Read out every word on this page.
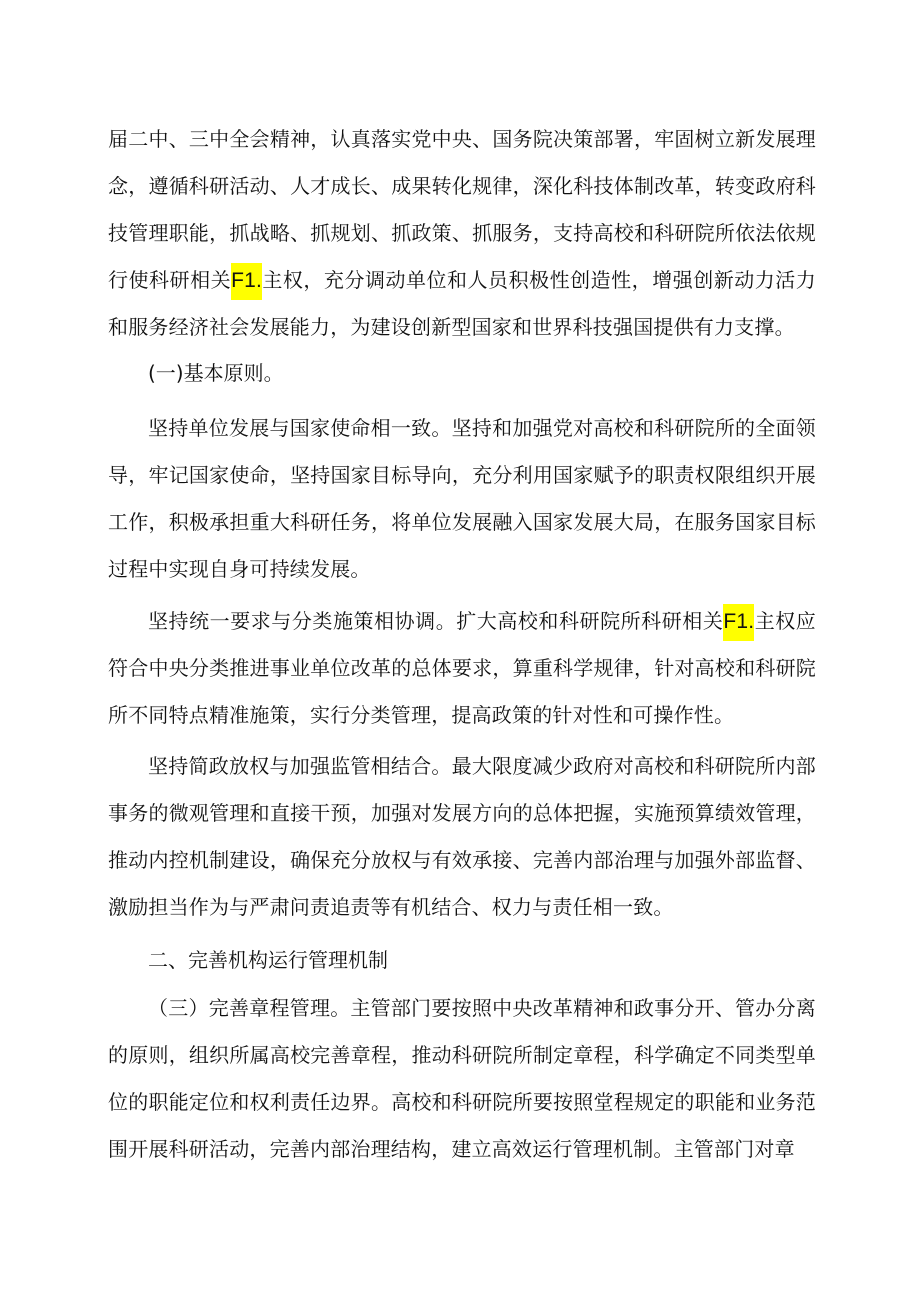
届二中、三中全会精神，认真落实党中央、国务院决策部署，牢固树立新发展理念，遵循科研活动、人才成长、成果转化规律，深化科技体制改革，转变政府科技管理职能，抓战略、抓规划、抓政策、抓服务，支持高校和科研院所依法依规行使科研相关F1.主权，充分调动单位和人员积极性创造性，增强创新动力活力和服务经济社会发展能力，为建设创新型国家和世界科技强国提供有力支撑。

(一)基本原则。

坚持单位发展与国家使命相一致。坚持和加强党对高校和科研院所的全面领导，牢记国家使命，坚持国家目标导向，充分利用国家赋予的职责权限组织开展工作，积极承担重大科研任务，将单位发展融入国家发展大局，在服务国家目标过程中实现自身可持续发展。

坚持统一要求与分类施策相协调。扩大高校和科研院所科研相关F1.主权应符合中央分类推进事业单位改革的总体要求，算重科学规律，针对高校和科研院所不同特点精准施策，实行分类管理，提高政策的针对性和可操作性。

坚持简政放权与加强监管相结合。最大限度减少政府对高校和科研院所内部事务的微观管理和直接干预，加强对发展方向的总体把握，实施预算绩效管理，推动内控机制建设，确保充分放权与有效承接、完善内部治理与加强外部监督、激励担当作为与严肃问责追责等有机结合、权力与责任相一致。

二、完善机构运行管理机制

（三）完善章程管理。主管部门要按照中央改革精神和政事分开、管办分离的原则，组织所属高校完善章程，推动科研院所制定章程，科学确定不同类型单位的职能定位和权利责任边界。高校和科研院所要按照堂程规定的职能和业务范围开展科研活动，完善内部治理结构，建立高效运行管理机制。主管部门对章
